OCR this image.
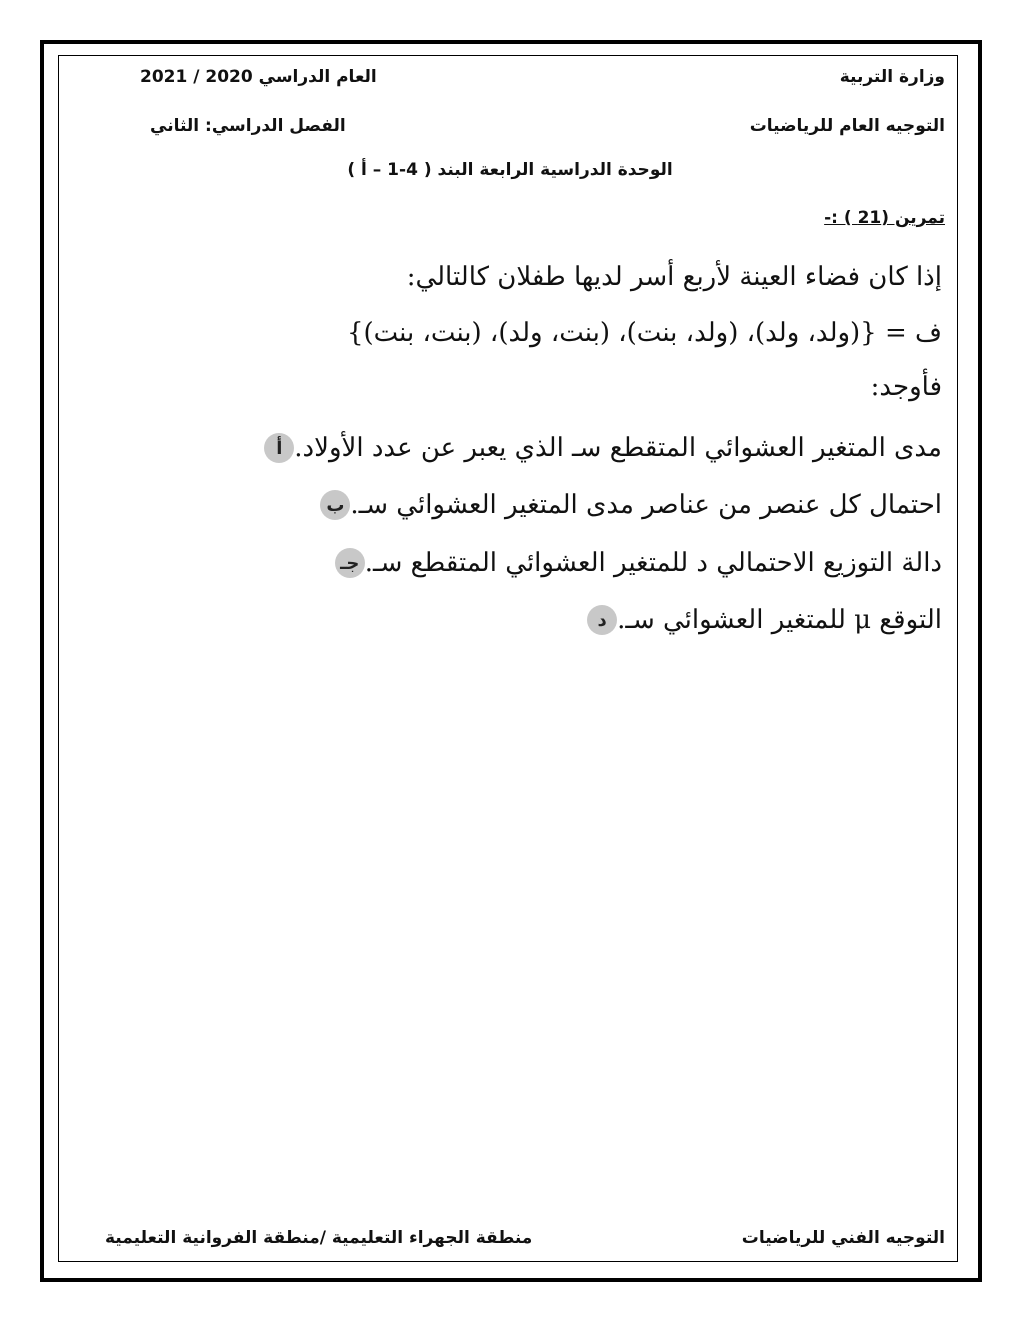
وزارة التربية
العام الدراسي 2020 / 2021
التوجيه العام للرياضيات
الفصل الدراسي: الثاني
الوحدة الدراسية الرابعة البند ( 4-1 – أ )
تمرين (21 ) :-
إذا كان فضاء العينة لأربع أسر لديها طفلان كالتالي:
ف = {(ولد، ولد)، (ولد، بنت)، (بنت، ولد)، (بنت، بنت)}
فأوجد:
أ مدى المتغير العشوائي المتقطع سـ الذي يعبر عن عدد الأولاد.
ب احتمال كل عنصر من عناصر مدى المتغير العشوائي سـ.
جـ دالة التوزيع الاحتمالي د للمتغير العشوائي المتقطع سـ.
د التوقع μ للمتغير العشوائي سـ.
التوجيه الفني للرياضيات
منطقة الجهراء التعليمية /منطقة الفروانية التعليمية
